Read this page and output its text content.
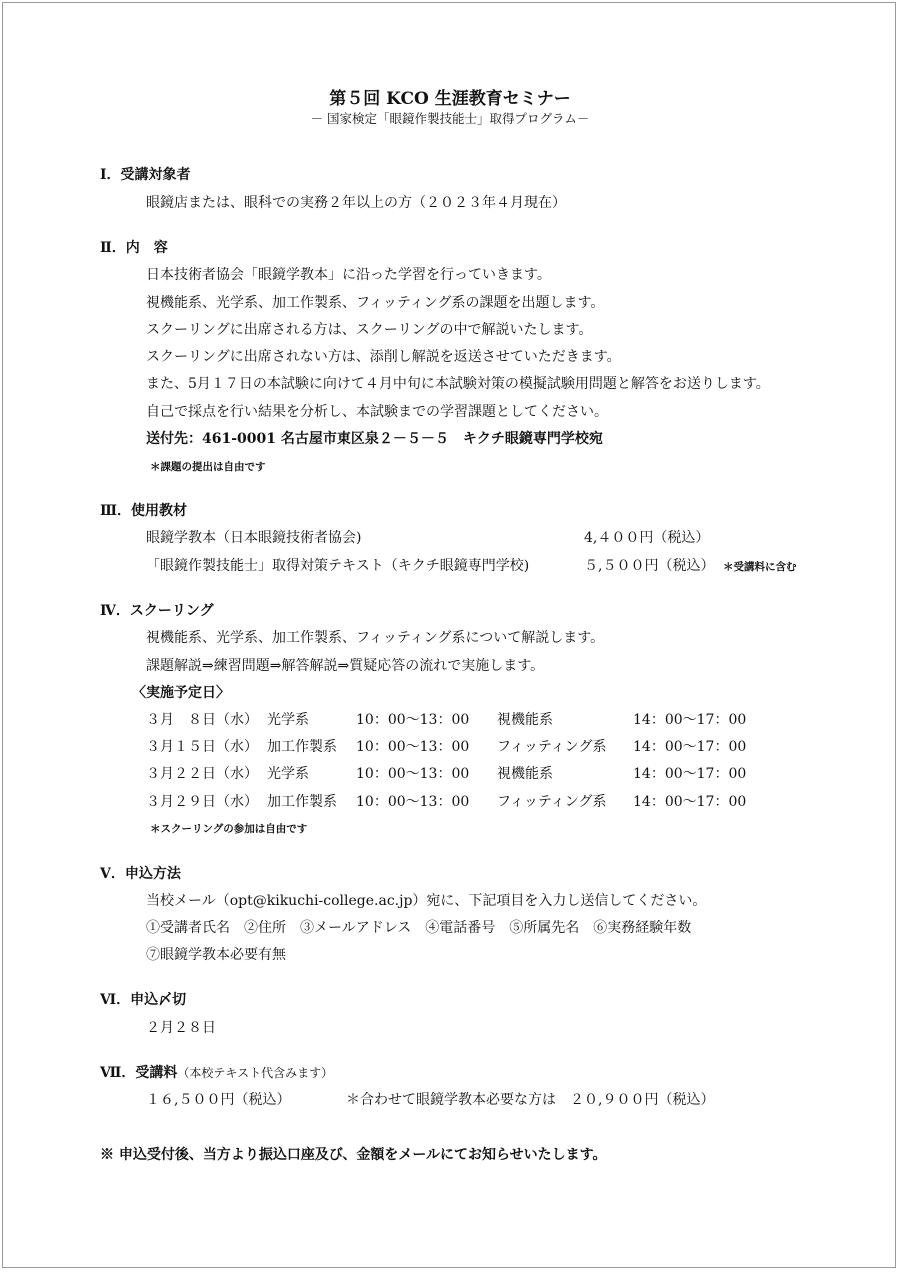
第５回 KCO 生涯教育セミナー
－ 国家検定「眼鏡作製技能士」取得プログラム－
Ⅰ．受講対象者
眼鏡店または、眼科での実務２年以上の方（２０２３年４月現在）
Ⅱ．内　容
日本技術者協会「眼鏡学教本」に沿った学習を行っていきます。
視機能系、光学系、加工作製系、フィッティング系の課題を出題します。
スクーリングに出席される方は、スクーリングの中で解説いたします。
スクーリングに出席されない方は、添削し解説を返送させていただきます。
また、5月１７日の本試験に向けて４月中旬に本試験対策の模擬試験用問題と解答をお送りします。
自己で採点を行い結果を分析し、本試験までの学習課題としてください。
送付先：461-0001 名古屋市東区泉２－５－５　キクチ眼鏡専門学校宛
＊課題の提出は自由です
Ⅲ．使用教材
眼鏡学教本（日本眼鏡技術者協会)	4,４００円（税込）
「眼鏡作製技能士」取得対策テキスト（キクチ眼鏡専門学校)	５,５００円（税込） ＊受講料に含む
Ⅳ．スクーリング
視機能系、光学系、加工作製系、フィッティング系について解説します。
課題解説⇒練習問題⇒解答解説⇒質疑応答の流れで実施します。
〈実施予定日〉
３月　８日（水） 光学系	10：00～13：00 視機能系	14：00～17：00
３月１５日（水） 加工作製系 10：00～13：00 フィッティング系 14：00～17：00
３月２２日（水） 光学系	10：00～13：00 視機能系	14：00～17：00
３月２９日（水） 加工作製系 10：00～13：00 フィッティング系 14：00～17：00
＊スクーリングの参加は自由です
Ⅴ．申込方法
当校メール（opt@kikuchi-college.ac.jp）宛に、下記項目を入力し送信してください。
①受講者氏名　②住所　③メールアドレス　④電話番号　⑤所属先名　⑥実務経験年数
⑦眼鏡学教本必要有無
Ⅵ．申込〆切
２月２８日
Ⅶ．受講料（本校テキスト代含みます）
１６,５００円（税込）	＊合わせて眼鏡学教本必要な方は　２０,９００円（税込）
※ 申込受付後、当方より振込口座及び、金額をメールにてお知らせいたします。
